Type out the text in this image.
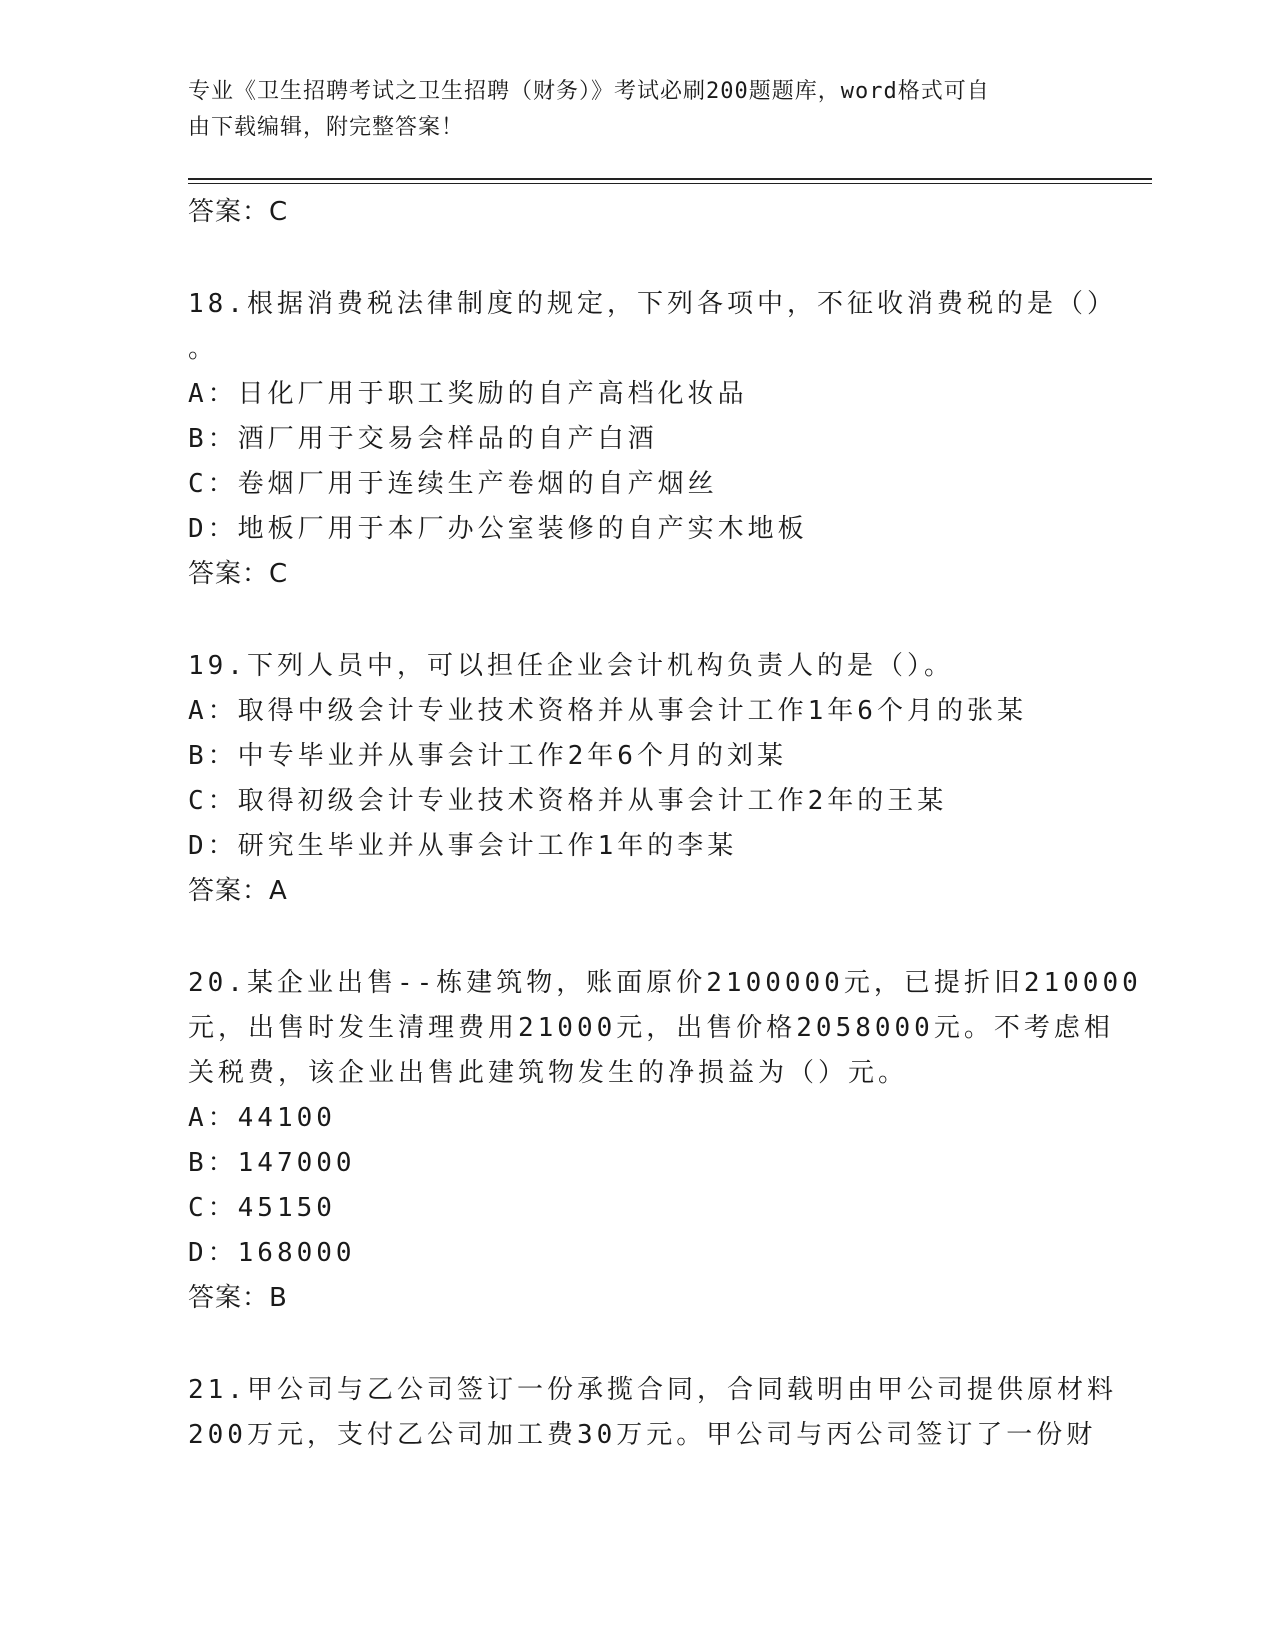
专业《卫生招聘考试之卫生招聘（财务）》考试必刷200题题库，word格式可自
由下载编辑，附完整答案！
答案：C
18.根据消费税法律制度的规定，下列各项中，不征收消费税的是（）
。
A：日化厂用于职工奖励的自产高档化妆品
B：酒厂用于交易会样品的自产白酒
C：卷烟厂用于连续生产卷烟的自产烟丝
D：地板厂用于本厂办公室装修的自产实木地板
答案：C
19.下列人员中，可以担任企业会计机构负责人的是（）。
A：取得中级会计专业技术资格并从事会计工作1年6个月的张某
B：中专毕业并从事会计工作2年6个月的刘某
C：取得初级会计专业技术资格并从事会计工作2年的王某
D：研究生毕业并从事会计工作1年的李某
答案：A
20.某企业出售--栋建筑物，账面原价2100000元，已提折旧210000
元，出售时发生清理费用21000元，出售价格2058000元。不考虑相
关税费，该企业出售此建筑物发生的净损益为（）元。
A：44100
B：147000
C：45150
D：168000
答案：B
21.甲公司与乙公司签订一份承揽合同，合同载明由甲公司提供原材料
200万元，支付乙公司加工费30万元。甲公司与丙公司签订了一份财
